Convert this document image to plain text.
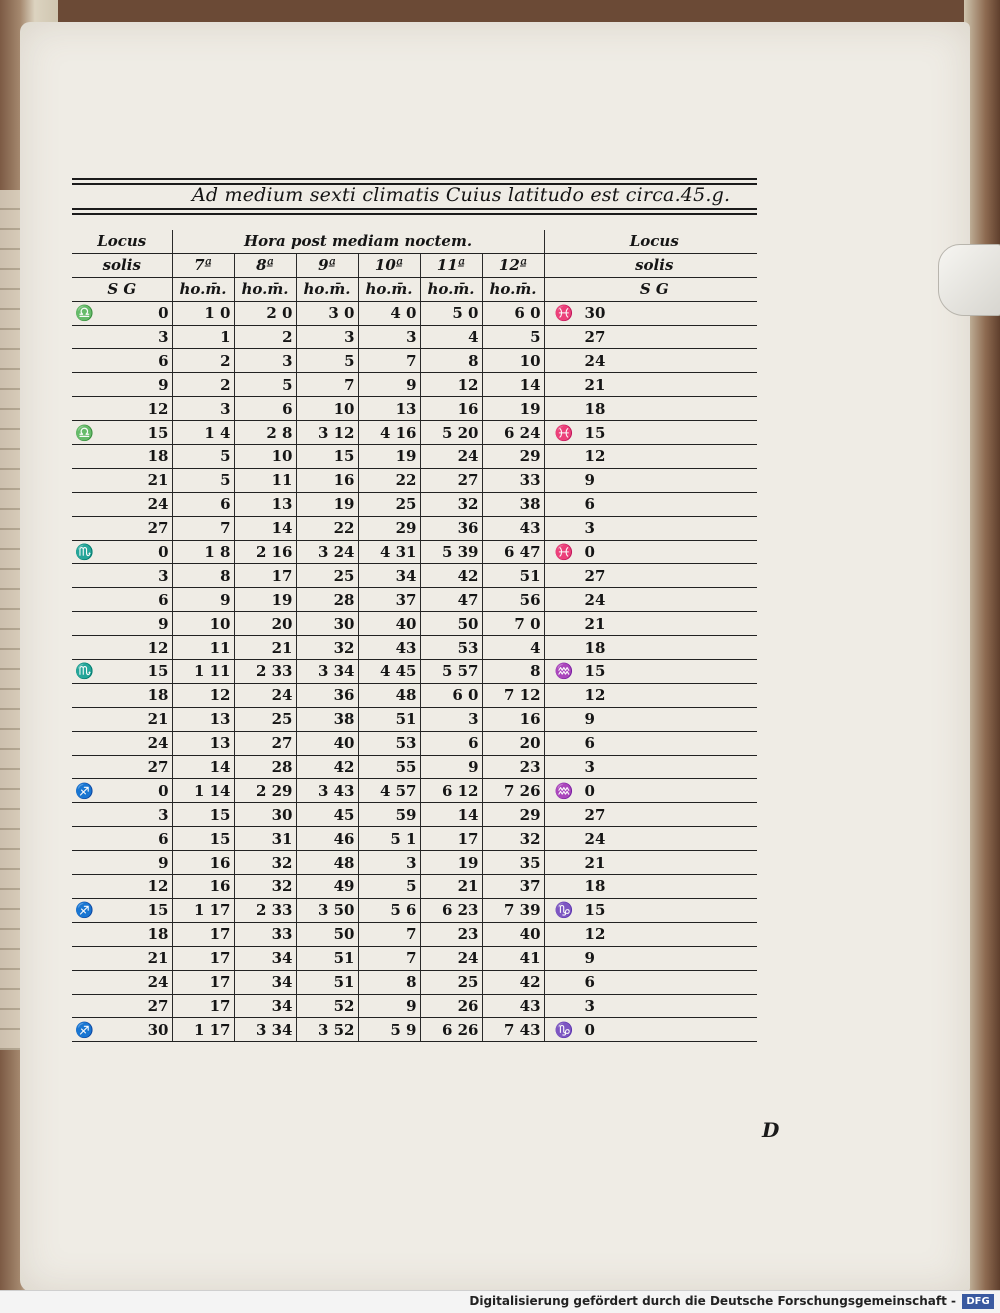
Ad medium sexti climatis Cuius latitudo est circa.45.g.
Locus	Hora post mediam noctem.						Locus
solis	7ª	8ª	9ª	10ª	11ª	12ª	solis
S G	ho.m̄.	ho.m̄.	ho.m̄.	ho.m̄.	ho.m̄.	ho.m̄.	S G
♎ 0	1 0	2 0	3 0	4 0	5 0	6 0	♓ 30

3	1	2	3	3	4	5	27

6	2	3	5	7	8	10	24

9	2	5	7	9	12	14	21

12	3	6	10	13	16	19	18
♎ 15	1 4	2 8	3 12	4 16	5 20	6 24	♓ 15

18	5	10	15	19	24	29	12

21	5	11	16	22	27	33	9

24	6	13	19	25	32	38	6

27	7	14	22	29	36	43	3
♏ 0	1 8	2 16	3 24	4 31	5 39	6 47	♓ 0

3	8	17	25	34	42	51	27

6	9	19	28	37	47	56	24

9	10	20	30	40	50	7 0	21

12	11	21	32	43	53	4	18
♏ 15	1 11	2 33	3 34	4 45	5 57	8	♒ 15

18	12	24	36	48	6 0	7 12	12

21	13	25	38	51	3	16	9

24	13	27	40	53	6	20	6

27	14	28	42	55	9	23	3
♐ 0	1 14	2 29	3 43	4 57	6 12	7 26	♒ 0

3	15	30	45	59	14	29	27

6	15	31	46	5 1	17	32	24

9	16	32	48	3	19	35	21

12	16	32	49	5	21	37	18
♐ 15	1 17	2 33	3 50	5 6	6 23	7 39	♑ 15

18	17	33	50	7	23	40	12

21	17	34	51	7	24	41	9

24	17	34	51	8	25	42	6

27	17	34	52	9	26	43	3
♐ 30	1 17	3 34	3 52	5 9	6 26	7 43	♑ 0
D
Digitalisierung gefördert durch die Deutsche Forschungsgemeinschaft -	DFG
